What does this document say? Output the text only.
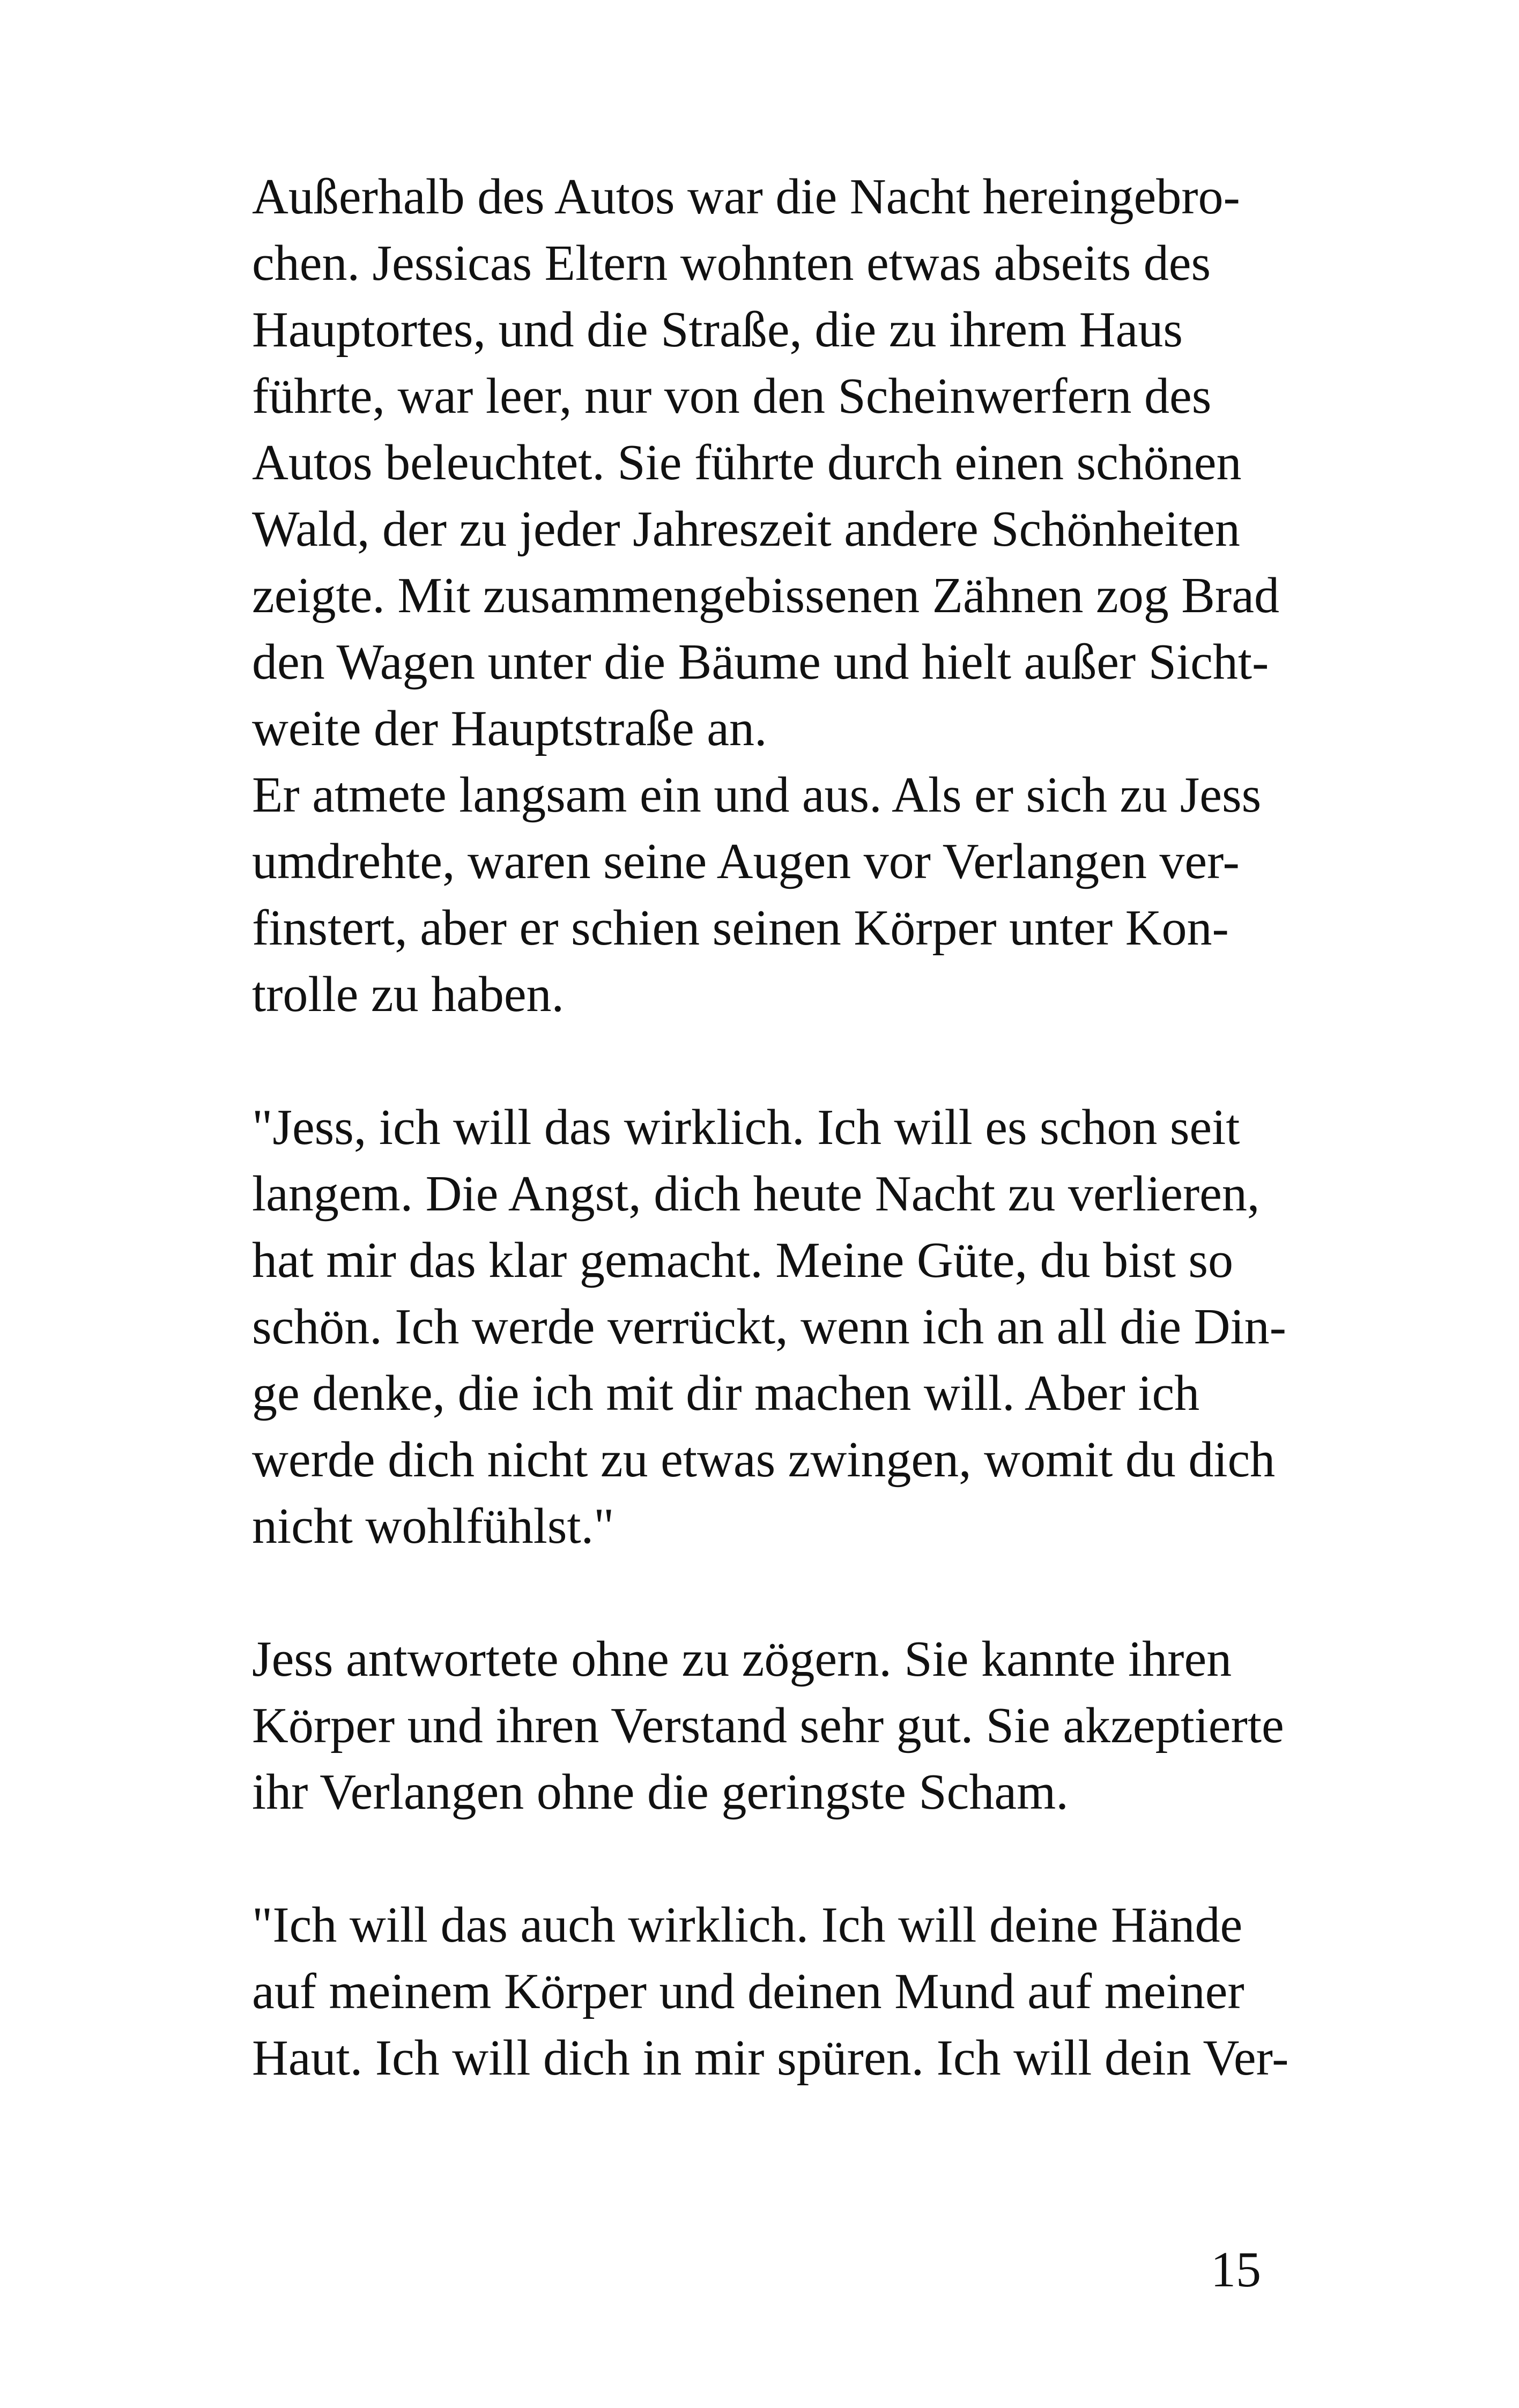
Außerhalb des Autos war die Nacht hereingebro-
chen. Jessicas Eltern wohnten etwas abseits des
Hauptortes, und die Straße, die zu ihrem Haus
führte, war leer, nur von den Scheinwerfern des
Autos beleuchtet. Sie führte durch einen schönen
Wald, der zu jeder Jahreszeit andere Schönheiten
zeigte. Mit zusammengebissenen Zähnen zog Brad
den Wagen unter die Bäume und hielt außer Sicht-
weite der Hauptstraße an.
Er atmete langsam ein und aus. Als er sich zu Jess
umdrehte, waren seine Augen vor Verlangen ver-
finstert, aber er schien seinen Körper unter Kon-
trolle zu haben.
"Jess, ich will das wirklich. Ich will es schon seit
langem. Die Angst, dich heute Nacht zu verlieren,
hat mir das klar gemacht. Meine Güte, du bist so
schön. Ich werde verrückt, wenn ich an all die Din-
ge denke, die ich mit dir machen will. Aber ich
werde dich nicht zu etwas zwingen, womit du dich
nicht wohlfühlst."
Jess antwortete ohne zu zögern. Sie kannte ihren
Körper und ihren Verstand sehr gut. Sie akzeptierte
ihr Verlangen ohne die geringste Scham.
"Ich will das auch wirklich. Ich will deine Hände
auf meinem Körper und deinen Mund auf meiner
Haut. Ich will dich in mir spüren. Ich will dein Ver-
15
